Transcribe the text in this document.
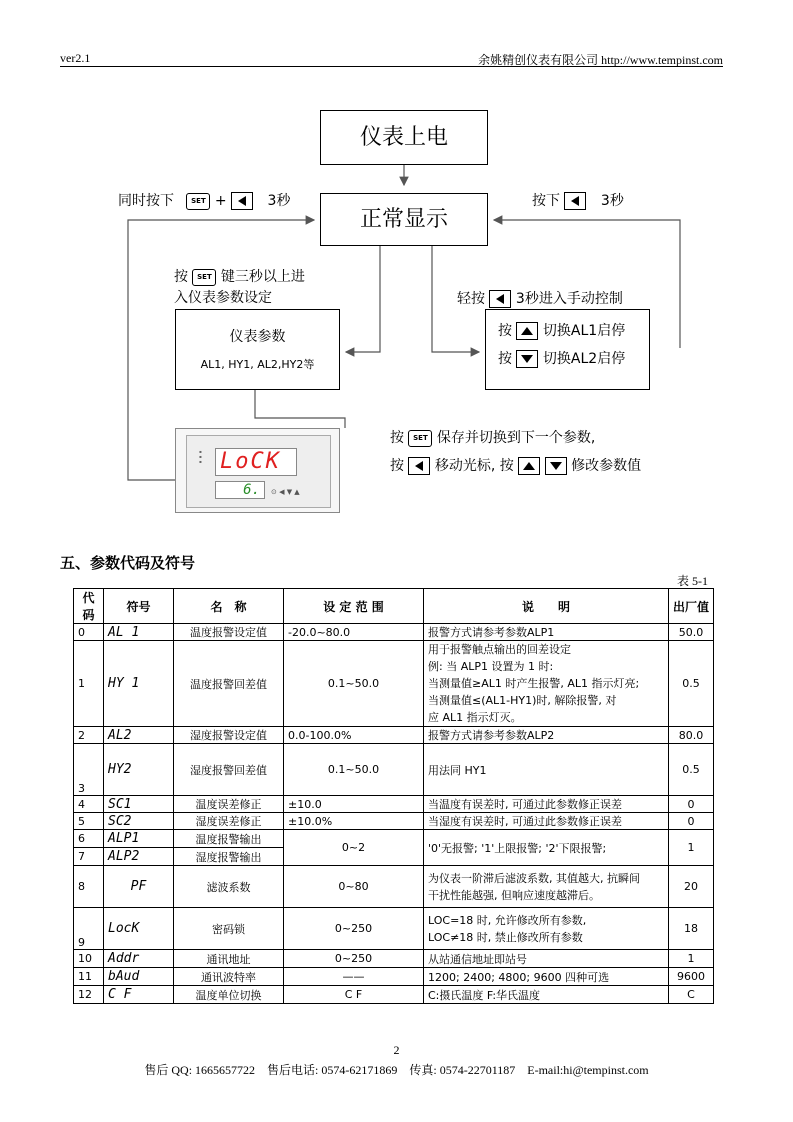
ver2.1	余姚精创仪表有限公司 http://www.tempinst.com
仪表上电
正常显示
同时按下 SET +	3秒	按下	3秒
按 SET 键三秒以上进
入仪表参数设定
仪表参数
AL1, HY1, AL2,HY2等
轻按 3秒进入手动控制
按 切换AL1启停
按 切换AL2启停
LoCK
▪
▪
▪
6.	⊙ ◀ ▼ ▲
按 SET 保存并切换到下一个参数,
按 移动光标, 按	修改参数值
五、参数代码及符号
表 5-1
代码	符号	名　称	设 定 范 围	说　　明	出厂值
0	AL 1	温度报警设定值	-20.0~80.0	报警方式请参考参数ALP1	50.0
1	HY 1	温度报警回差值	0.1~50.0	用于报警触点输出的回差设定
例: 当 ALP1 设置为 1 时:
当测量值≥AL1 时产生报警, AL1 指示灯亮;
当测量值≤(AL1-HY1)时, 解除报警, 对
应 AL1 指示灯灭。	0.5
2	AL2	湿度报警设定值	0.0-100.0%	报警方式请参考参数ALP2	80.0
3	HY2	湿度报警回差值	0.1~50.0	用法同 HY1	0.5
4	SC1	温度误差修正	±10.0	当温度有误差时, 可通过此参数修正误差	0
5	SC2	湿度误差修正	±10.0%	当湿度有误差时, 可通过此参数修正误差	0
6	ALP1	温度报警输出	0~2	'0'无报警; '1'上限报警; '2'下限报警;	1
7	ALP2	湿度报警输出			
8	PF	滤波系数	0~80	为仪表一阶滞后滤波系数, 其值越大, 抗瞬间
干扰性能越强, 但响应速度越滞后。	20
9	LocK	密码锁	0~250	LOC=18 时, 允许修改所有参数,
LOC≠18 时, 禁止修改所有参数	18
10	Addr	通讯地址	0~250	从站通信地址即站号	1
11	bAud	通讯波特率	——	1200; 2400; 4800; 9600 四种可选	9600
12	C F	温度单位切换	C F	C:摄氏温度 F:华氏温度	C
2
售后 QQ: 1665657722　售后电话: 0574-62171869　传真: 0574-22701187　E-mail:hi@tempinst.com
